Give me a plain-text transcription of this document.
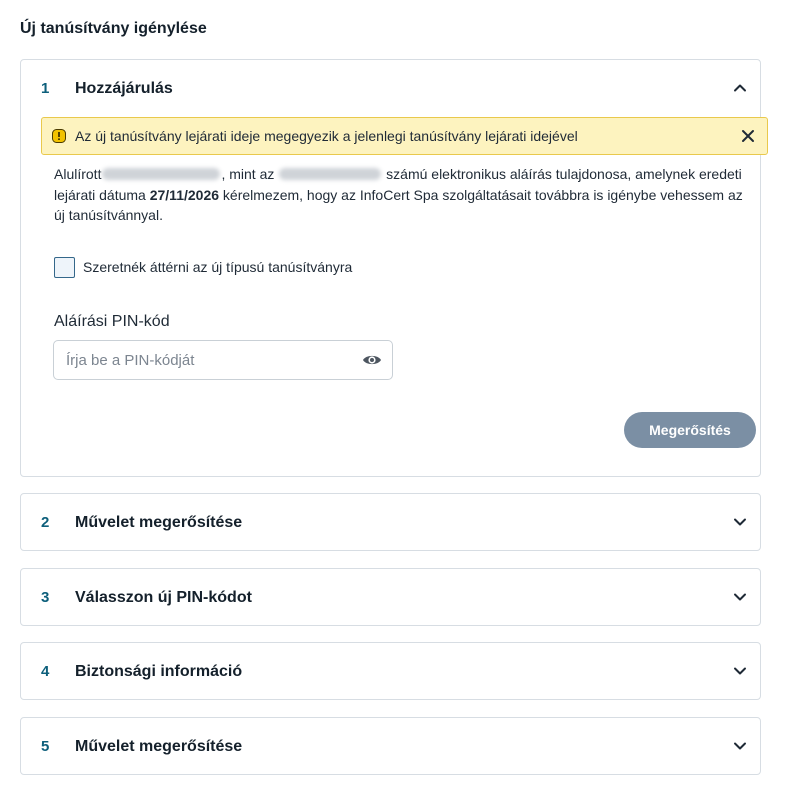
Új tanúsítvány igénylése
1 Hozzájárulás
Az új tanúsítvány lejárati ideje megegyezik a jelenlegi tanúsítvány lejárati idejével

Alulírott	, mint az	számú elektronikus aláírás tulajdonosa, amelynek eredeti lejárati dátuma 27/11/2026 kérelmezem, hogy az InfoCert Spa szolgáltatásait továbbra is igénybe vehessem az új tanúsítvánnyal.

Szeretnék áttérni az új típusú tanúsítványra
Aláírási PIN-kód
Megerősítés
2 Művelet megerősítése
3 Válasszon új PIN-kódot
4 Biztonsági információ
5 Művelet megerősítése
